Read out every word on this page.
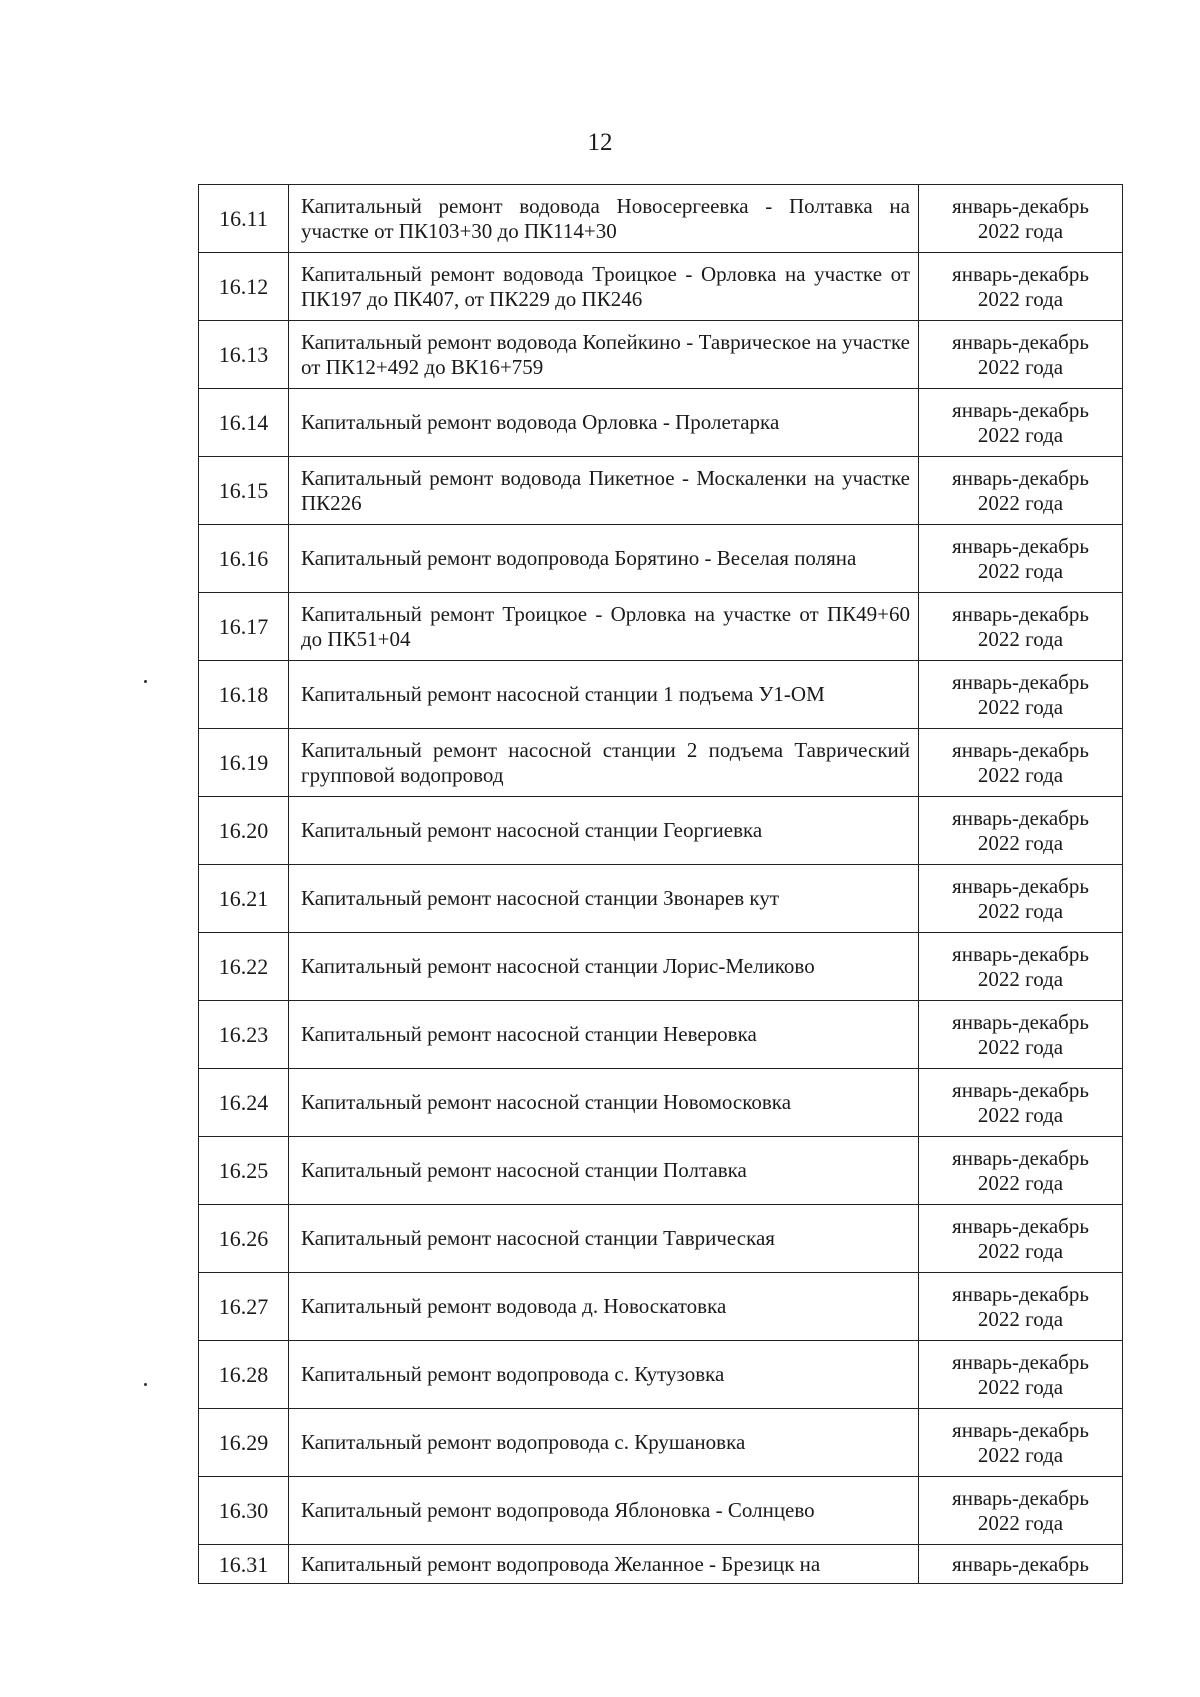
12
16.11	Капитальный ремонт водовода Новосергеевка - Полтавка на участке от ПК103+30 до ПК114+30	январь-декабрь
2022 года

16.12	Капитальный ремонт водовода Троицкое - Орловка на участке от ПК197 до ПК407, от ПК229 до ПК246	январь-декабрь
2022 года

16.13	Капитальный ремонт водовода Копейкино - Таврическое на участке от ПК12+492 до ВК16+759	январь-декабрь
2022 года

16.14	Капитальный ремонт водовода Орловка - Пролетарка	январь-декабрь
2022 года

16.15	Капитальный ремонт водовода Пикетное - Москаленки на участке ПК226	январь-декабрь
2022 года

16.16	Капитальный ремонт водопровода Борятино - Веселая поляна	январь-декабрь
2022 года

16.17	Капитальный ремонт Троицкое - Орловка на участке от ПК49+60 до ПК51+04	январь-декабрь
2022 года

16.18	Капитальный ремонт насосной станции 1 подъема У1-ОМ	январь-декабрь
2022 года

16.19	Капитальный ремонт насосной станции 2 подъема Таврический групповой водопровод	январь-декабрь
2022 года

16.20	Капитальный ремонт насосной станции Георгиевка	январь-декабрь
2022 года

16.21	Капитальный ремонт насосной станции Звонарев кут	январь-декабрь
2022 года

16.22	Капитальный ремонт насосной станции Лорис-Меликово	январь-декабрь
2022 года

16.23	Капитальный ремонт насосной станции Неверовка	январь-декабрь
2022 года

16.24	Капитальный ремонт насосной станции Новомосковка	январь-декабрь
2022 года

16.25	Капитальный ремонт насосной станции Полтавка	январь-декабрь
2022 года

16.26	Капитальный ремонт насосной станции Таврическая	январь-декабрь
2022 года

16.27	Капитальный ремонт водовода д. Новоскатовка	январь-декабрь
2022 года

16.28	Капитальный ремонт водопровода с. Кутузовка	январь-декабрь
2022 года

16.29	Капитальный ремонт водопровода с. Крушановка	январь-декабрь
2022 года

16.30	Капитальный ремонт водопровода Яблоновка - Солнцево	январь-декабрь
2022 года

16.31	Капитальный ремонт водопровода Желанное - Брезицк на	январь-декабрь
